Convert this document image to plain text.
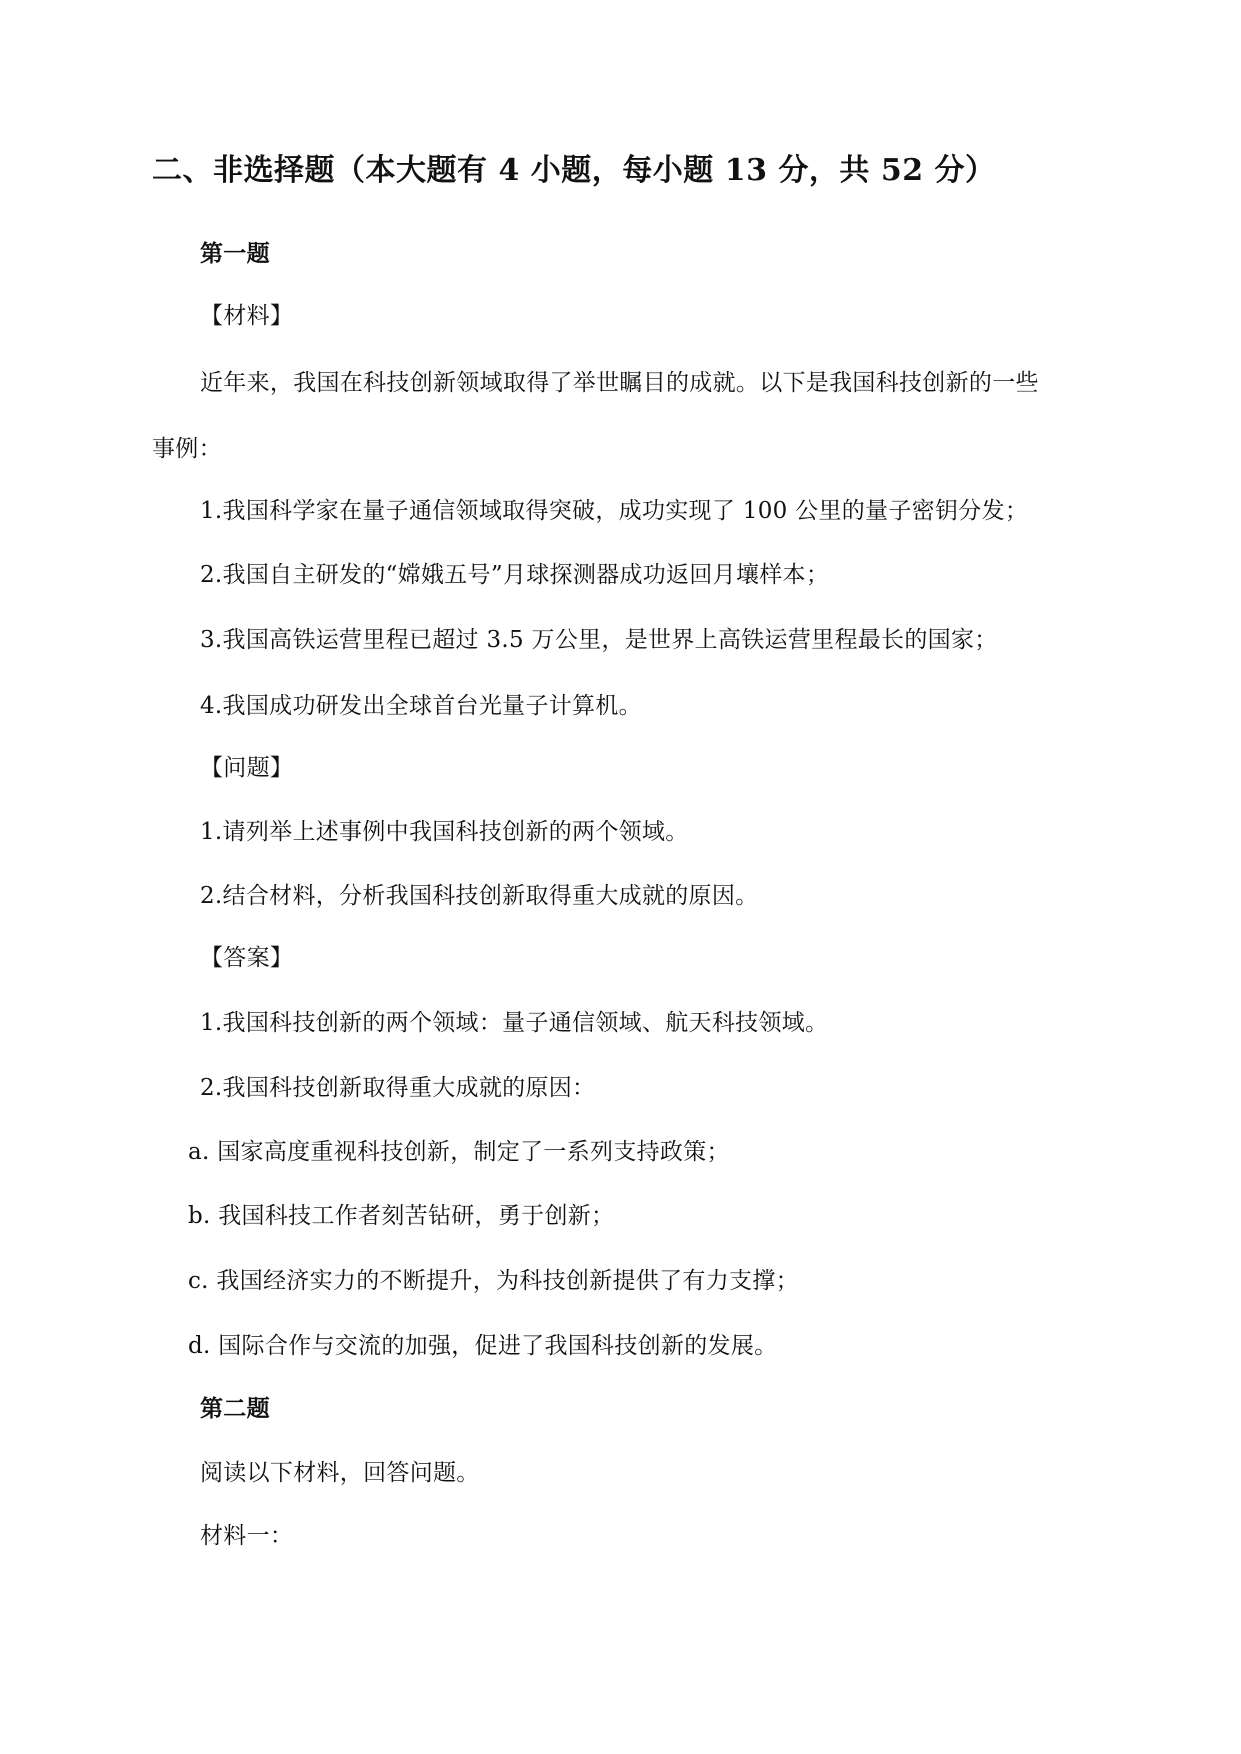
二、非选择题（本大题有 4 小题，每小题 13 分，共 52 分）
第一题
【材料】
近年来，我国在科技创新领域取得了举世瞩目的成就。以下是我国科技创新的一些
事例：
1.我国科学家在量子通信领域取得突破，成功实现了 100 公里的量子密钥分发；
2.我国自主研发的“嫦娥五号”月球探测器成功返回月壤样本；
3.我国高铁运营里程已超过 3.5 万公里，是世界上高铁运营里程最长的国家；
4.我国成功研发出全球首台光量子计算机。
【问题】
1.请列举上述事例中我国科技创新的两个领域。
2.结合材料，分析我国科技创新取得重大成就的原因。
【答案】
1.我国科技创新的两个领域：量子通信领域、航天科技领域。
2.我国科技创新取得重大成就的原因：
a. 国家高度重视科技创新，制定了一系列支持政策；
b. 我国科技工作者刻苦钻研，勇于创新；
c. 我国经济实力的不断提升，为科技创新提供了有力支撑；
d. 国际合作与交流的加强，促进了我国科技创新的发展。
第二题
阅读以下材料，回答问题。
材料一：
